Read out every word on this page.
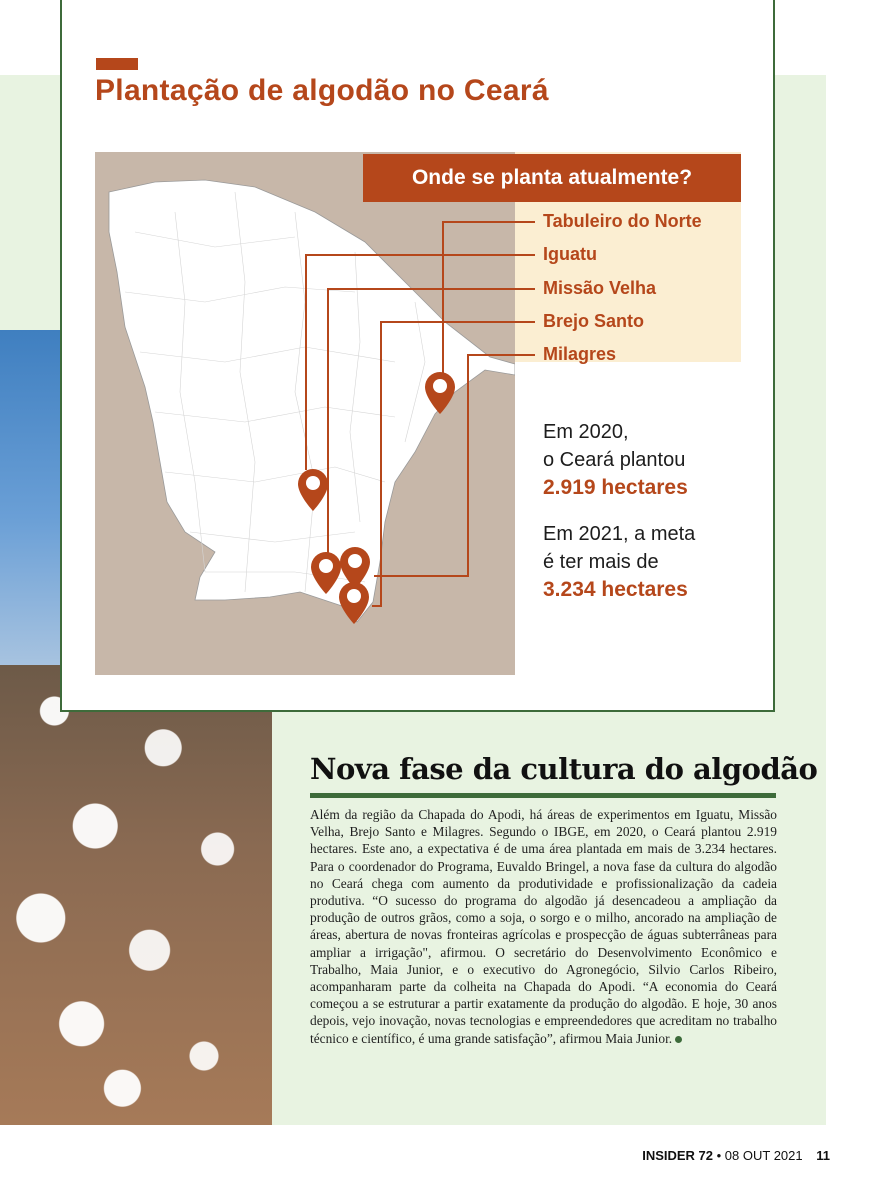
Plantação de algodão no Ceará
Onde se planta atualmente?
Tabuleiro do Norte
Iguatu
Missão Velha
Brejo Santo
Milagres
Em 2020,
o Ceará plantou
2.919 hectares
Em 2021, a meta
é ter mais de
3.234 hectares
Nova fase da cultura do algodão
Além da região da Chapada do Apodi, há áreas de experimentos em Iguatu, Missão Velha, Brejo Santo e Milagres. Segundo o IBGE, em 2020, o Ceará plantou 2.919 hectares. Este ano, a expectativa é de uma área plantada em mais de 3.234 hectares. Para o coordenador do Programa, Euvaldo Bringel, a nova fase da cultura do algodão no Ceará chega com aumento da produtividade e profissionalização da cadeia produtiva. “O sucesso do programa do algodão já desencadeou a ampliação da produção de outros grãos, como a soja, o sorgo e o milho, ancorado na ampliação de áreas, abertura de novas fronteiras agrícolas e prospecção de águas subterrâneas para ampliar a irrigação", afirmou. O secretário do Desenvolvimento Econômico e Trabalho, Maia Junior, e o executivo do Agronegócio, Silvio Carlos Ribeiro, acompanharam parte da colheita na Chapada do Apodi. “A economia do Ceará começou a se estruturar a partir exatamente da produção do algodão. E hoje, 30 anos depois, vejo inovação, novas tecnologias e empreendedores que acreditam no trabalho técnico e científico, é uma grande satisfação”, afirmou Maia Junior.
INSIDER 72 • 08 OUT 2021 11
